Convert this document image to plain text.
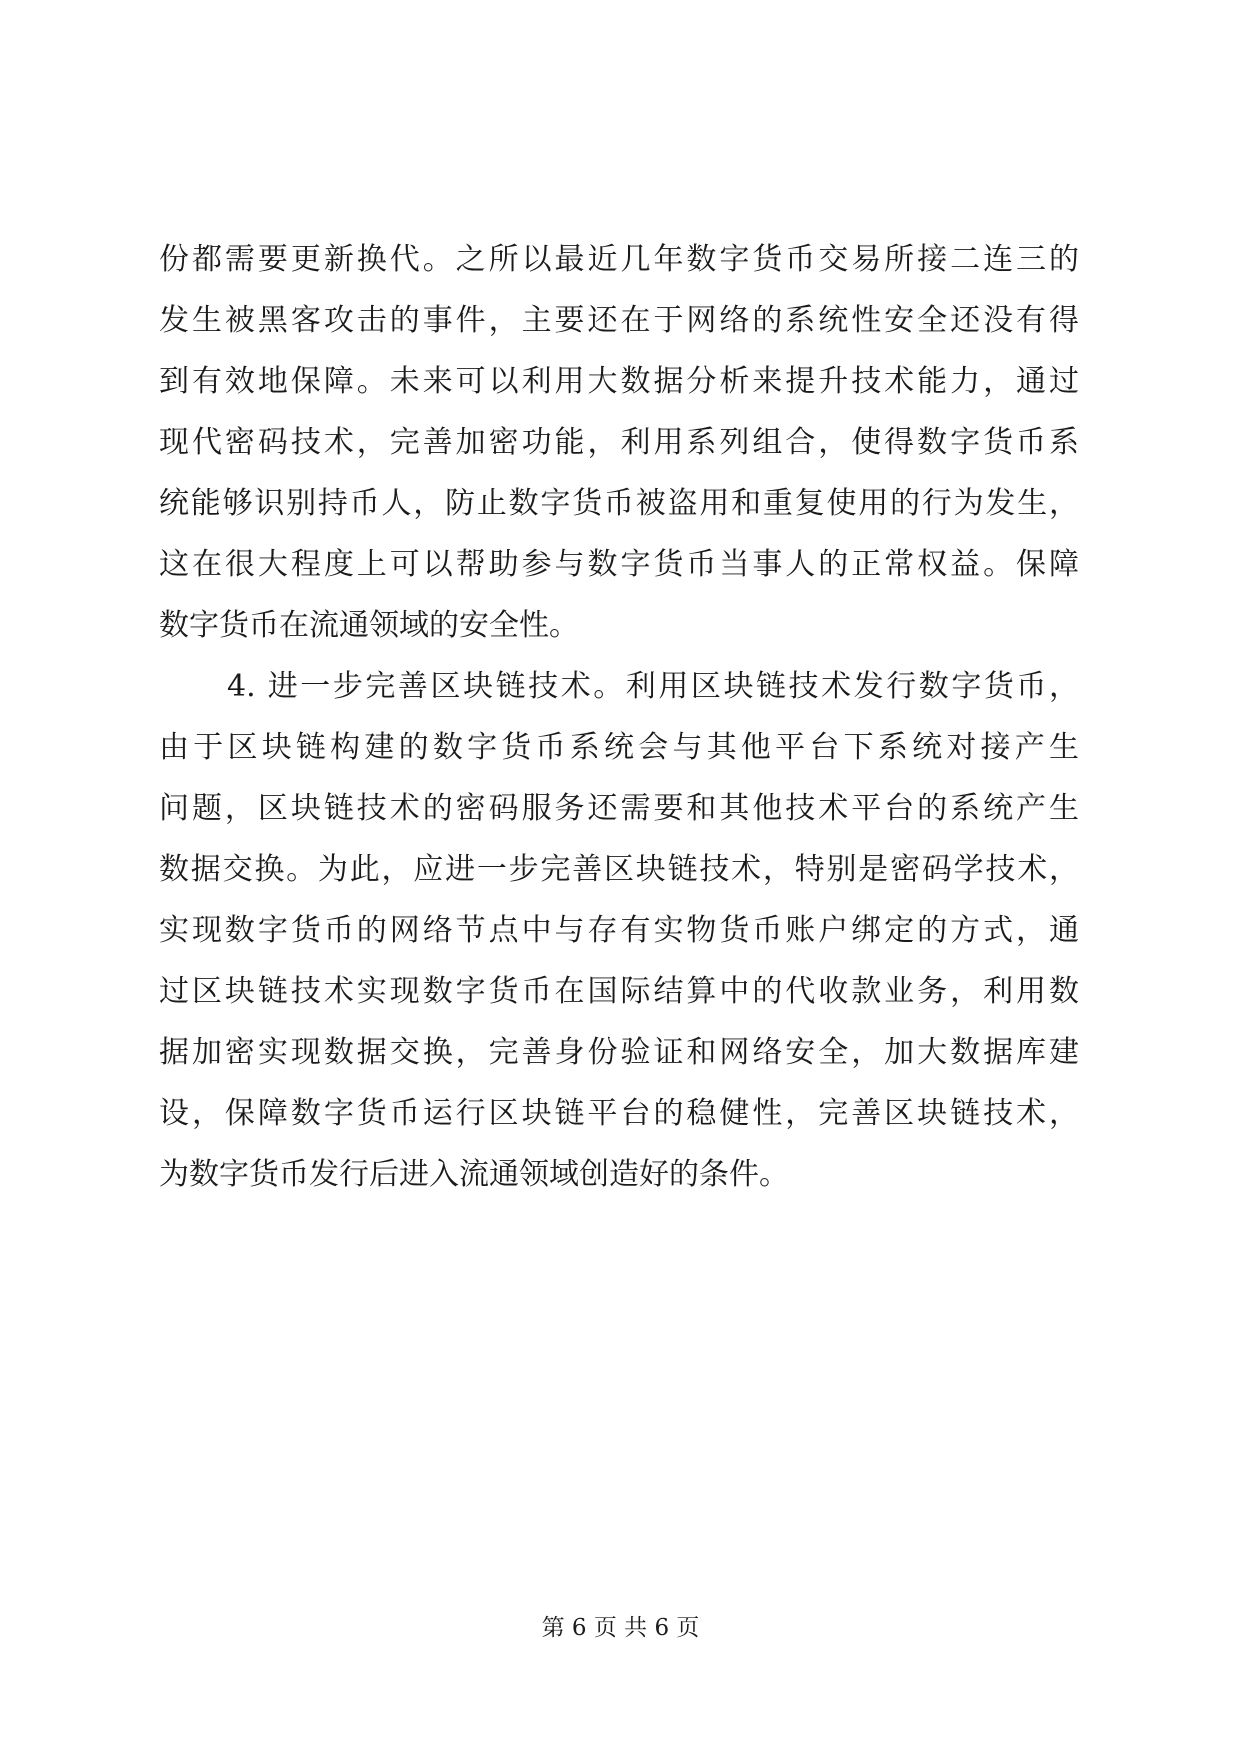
份都需要更新换代。之所以最近几年数字货币交易所接二连三的
发生被黑客攻击的事件，主要还在于网络的系统性安全还没有得
到有效地保障。未来可以利用大数据分析来提升技术能力，通过
现代密码技术，完善加密功能，利用系列组合，使得数字货币系
统能够识别持币人，防止数字货币被盗用和重复使用的行为发生，
这在很大程度上可以帮助参与数字货币当事人的正常权益。保障
数字货币在流通领域的安全性。
4. 进一步完善区块链技术。利用区块链技术发行数字货币，
由于区块链构建的数字货币系统会与其他平台下系统对接产生
问题，区块链技术的密码服务还需要和其他技术平台的系统产生
数据交换。为此，应进一步完善区块链技术，特别是密码学技术，
实现数字货币的网络节点中与存有实物货币账户绑定的方式，通
过区块链技术实现数字货币在国际结算中的代收款业务，利用数
据加密实现数据交换，完善身份验证和网络安全，加大数据库建
设，保障数字货币运行区块链平台的稳健性，完善区块链技术，
为数字货币发行后进入流通领域创造好的条件。
第 6 页 共 6 页
